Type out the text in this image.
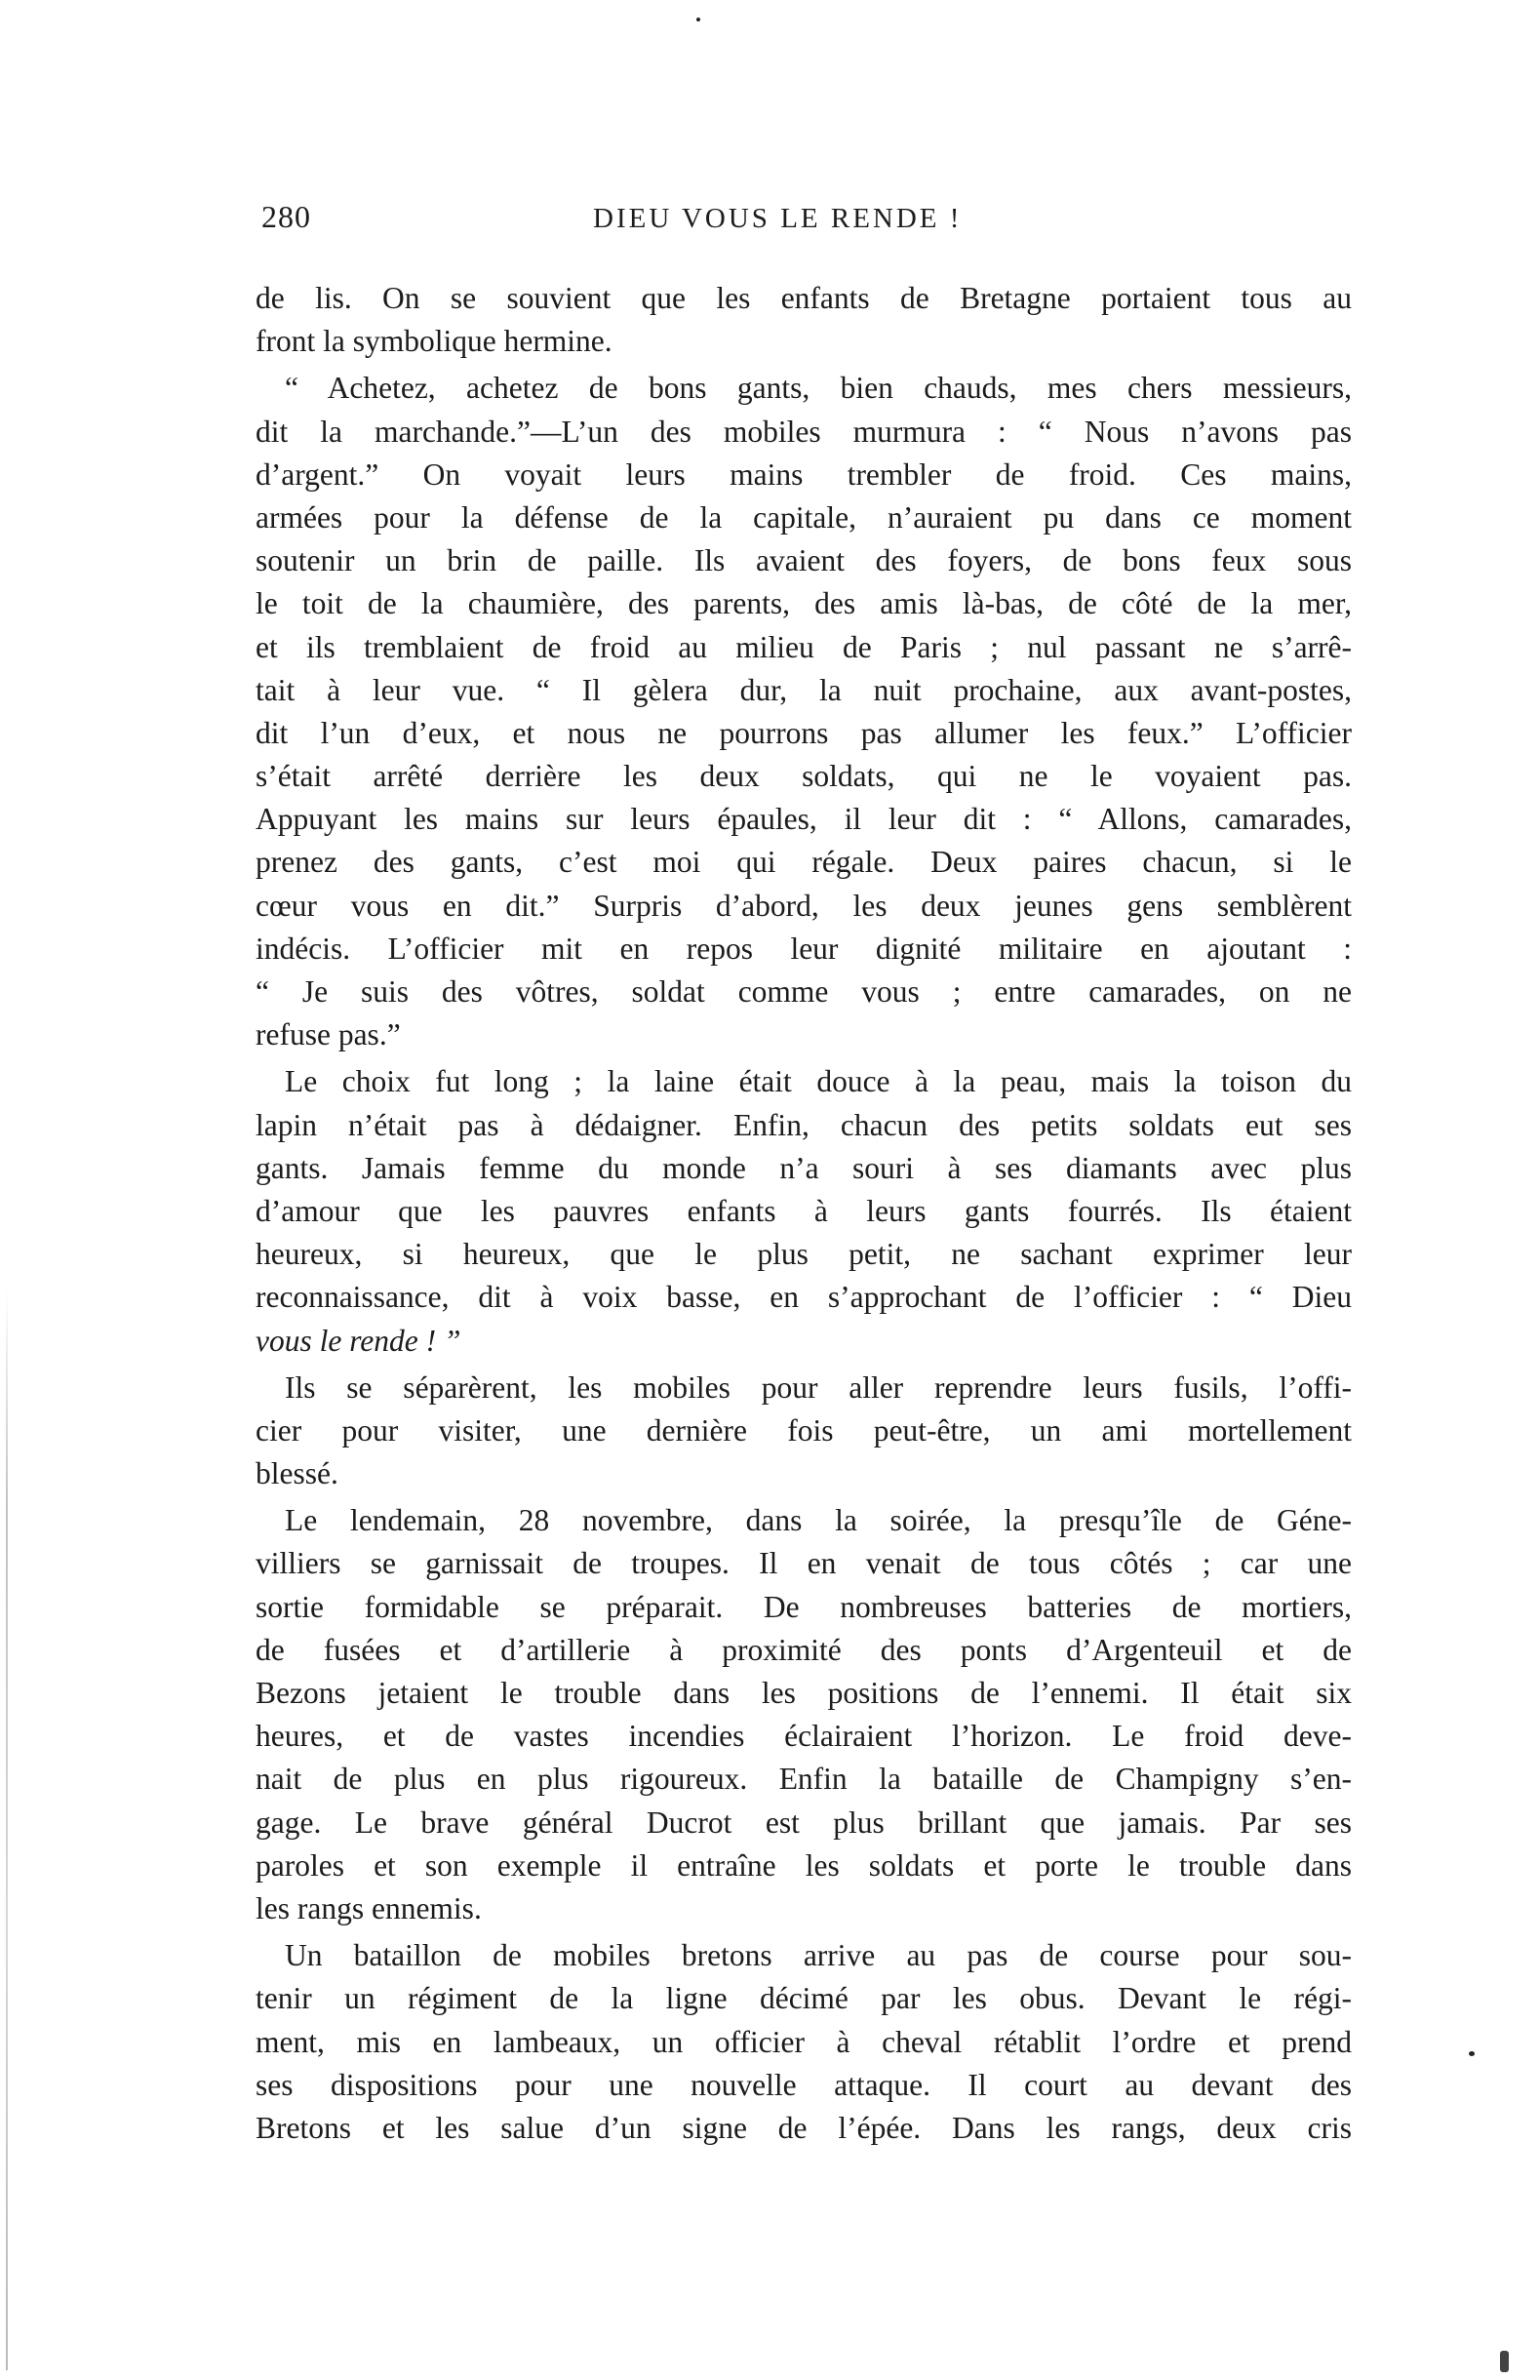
280	DIEU VOUS LE RENDE !
de lis. On se souvient que les enfants de Bretagne portaient tous au
front la symbolique hermine.
“ Achetez, achetez de bons gants, bien chauds, mes chers messieurs,
dit la marchande.”—L’un des mobiles murmura : “ Nous n’avons pas
d’argent.” On voyait leurs mains trembler de froid. Ces mains,
armées pour la défense de la capitale, n’auraient pu dans ce moment
soutenir un brin de paille. Ils avaient des foyers, de bons feux sous
le toit de la chaumière, des parents, des amis là-bas, de côté de la mer,
et ils tremblaient de froid au milieu de Paris ; nul passant ne s’arrê-
tait à leur vue. “ Il gèlera dur, la nuit prochaine, aux avant-postes,
dit l’un d’eux, et nous ne pourrons pas allumer les feux.” L’officier
s’était arrêté derrière les deux soldats, qui ne le voyaient pas.
Appuyant les mains sur leurs épaules, il leur dit : “ Allons, camarades,
prenez des gants, c’est moi qui régale. Deux paires chacun, si le
cœur vous en dit.” Surpris d’abord, les deux jeunes gens semblèrent
indécis. L’officier mit en repos leur dignité militaire en ajoutant :
“ Je suis des vôtres, soldat comme vous ; entre camarades, on ne
refuse pas.”
Le choix fut long ; la laine était douce à la peau, mais la toison du
lapin n’était pas à dédaigner. Enfin, chacun des petits soldats eut ses
gants. Jamais femme du monde n’a souri à ses diamants avec plus
d’amour que les pauvres enfants à leurs gants fourrés. Ils étaient
heureux, si heureux, que le plus petit, ne sachant exprimer leur
reconnaissance, dit à voix basse, en s’approchant de l’officier : “ Dieu
vous le rende ! ”
Ils se séparèrent, les mobiles pour aller reprendre leurs fusils, l’offi-
cier pour visiter, une dernière fois peut-être, un ami mortellement
blessé.
Le lendemain, 28 novembre, dans la soirée, la presqu’île de Géne-
villiers se garnissait de troupes. Il en venait de tous côtés ; car une
sortie formidable se préparait. De nombreuses batteries de mortiers,
de fusées et d’artillerie à proximité des ponts d’Argenteuil et de
Bezons jetaient le trouble dans les positions de l’ennemi. Il était six
heures, et de vastes incendies éclairaient l’horizon. Le froid deve-
nait de plus en plus rigoureux. Enfin la bataille de Champigny s’en-
gage. Le brave général Ducrot est plus brillant que jamais. Par ses
paroles et son exemple il entraîne les soldats et porte le trouble dans
les rangs ennemis.
Un bataillon de mobiles bretons arrive au pas de course pour sou-
tenir un régiment de la ligne décimé par les obus. Devant le régi-
ment, mis en lambeaux, un officier à cheval rétablit l’ordre et prend
ses dispositions pour une nouvelle attaque. Il court au devant des
Bretons et les salue d’un signe de l’épée. Dans les rangs, deux cris
